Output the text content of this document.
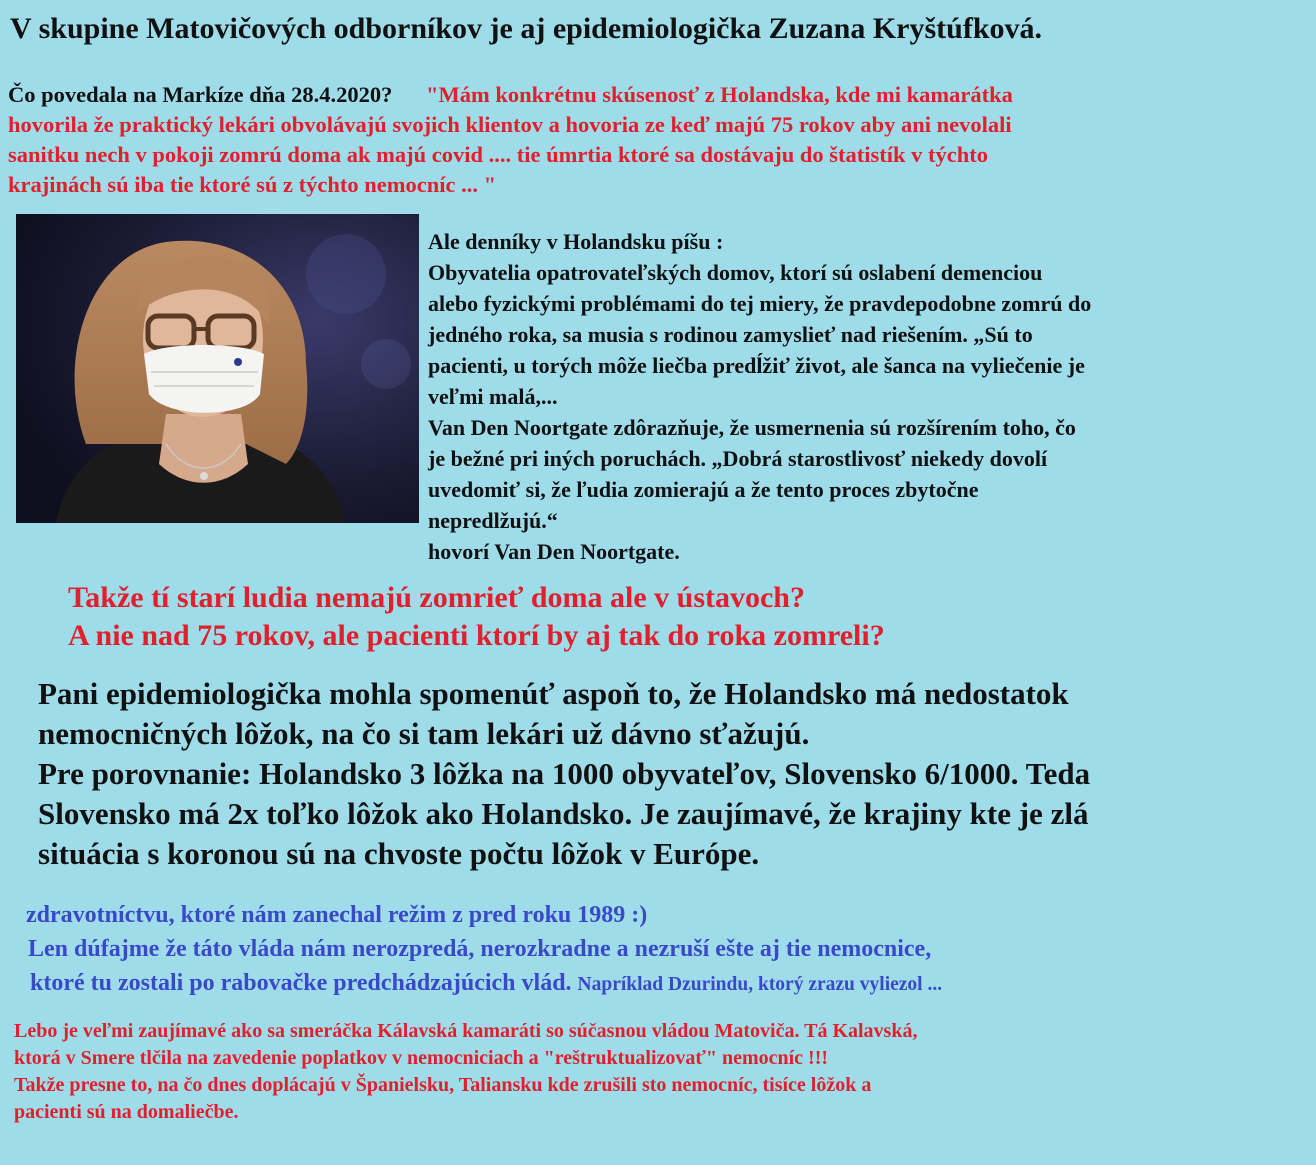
V skupine Matovičových odborníkov je aj epidemiologička Zuzana Kryštúfková.
Čo povedala na Markíze dňa 28.4.2020? "Mám konkrétnu skúsenosť z Holandska, kde mi kamarátka
hovorila že praktický lekári obvolávajú svojich klientov a hovoria ze keď majú 75 rokov aby ani nevolali
sanitku nech v pokoji zomrú doma ak majú covid .... tie úmrtia ktoré sa dostávaju do štatistík v týchto
krajinách sú iba tie ktoré sú z týchto nemocníc ... "
Ale denníky v Holandsku píšu :
Obyvatelia opatrovateľských domov, ktorí sú oslabení demenciou
alebo fyzickými problémami do tej miery, že pravdepodobne zomrú do
jedného roka, sa musia s rodinou zamyslieť nad riešením. „Sú to
pacienti, u torých môže liečba predĺžiť život, ale šanca na vyliečenie je
veľmi malá,...
Van Den Noortgate zdôrazňuje, že usmernenia sú rozšírením toho, čo
je bežné pri iných poruchách. „Dobrá starostlivosť niekedy dovolí
uvedomiť si, že ľudia zomierajú a že tento proces zbytočne
nepredlžujú.“
hovorí Van Den Noortgate.
Takže tí starí ludia nemajú zomrieť doma ale v ústavoch?
A nie nad 75 rokov, ale pacienti ktorí by aj tak do roka zomreli?
Pani epidemiologička mohla spomenúť aspoň to, že Holandsko má nedostatok
nemocničných lôžok, na čo si tam lekári už dávno sťažujú.
Pre porovnanie: Holandsko 3 lôžka na 1000 obyvateľov, Slovensko 6/1000. Teda
Slovensko má 2x toľko lôžok ako Holandsko. Je zaujímavé, že krajiny kte je zlá
situácia s koronou sú na chvoste počtu lôžok v Európe.
zdravotníctvu, ktoré nám zanechal režim z pred roku 1989 :)
Len dúfajme že táto vláda nám nerozpredá, nerozkradne a nezruší ešte aj tie nemocnice,
ktoré tu zostali po rabovačke predchádzajúcich vlád. Napríklad Dzurindu, ktorý zrazu vyliezol ...
Lebo je veľmi zaujímavé ako sa smeráčka Kálavská kamaráti so súčasnou vládou Matoviča. Tá Kalavská,
ktorá v Smere tlčila na zavedenie poplatkov v nemocniciach a "reštruktualizovať" nemocníc !!!
Takže presne to, na čo dnes doplácajú v Španielsku, Taliansku kde zrušili sto nemocníc, tisíce lôžok a
pacienti sú na domaliečbe.
